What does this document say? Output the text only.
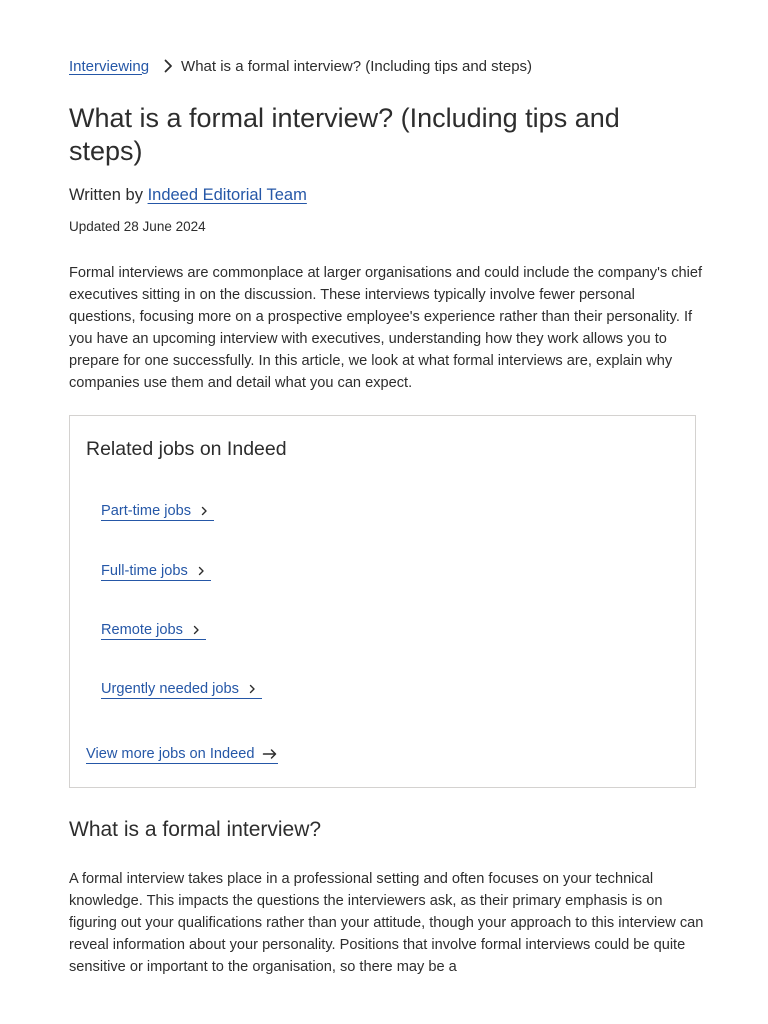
Interviewing What is a formal interview? (Including tips and steps)
What is a formal interview? (Including tips and steps)
Written by Indeed Editorial Team
Updated 28 June 2024

Formal interviews are commonplace at larger organisations and could include the company's chief executives sitting in on the discussion. These interviews typically involve fewer personal questions, focusing more on a prospective employee's experience rather than their personality. If you have an upcoming interview with executives, understanding how they work allows you to prepare for one successfully. In this article, we look at what formal interviews are, explain why companies use them and detail what you can expect.

Related jobs on Indeed
Part-time jobs
Full-time jobs
Remote jobs
Urgently needed jobs
View more jobs on Indeed
What is a formal interview?

A formal interview takes place in a professional setting and often focuses on your technical knowledge. This impacts the questions the interviewers ask, as their primary emphasis is on figuring out your qualifications rather than your attitude, though your approach to this interview can reveal information about your personality. Positions that involve formal interviews could be quite sensitive or important to the organisation, so there may be a
